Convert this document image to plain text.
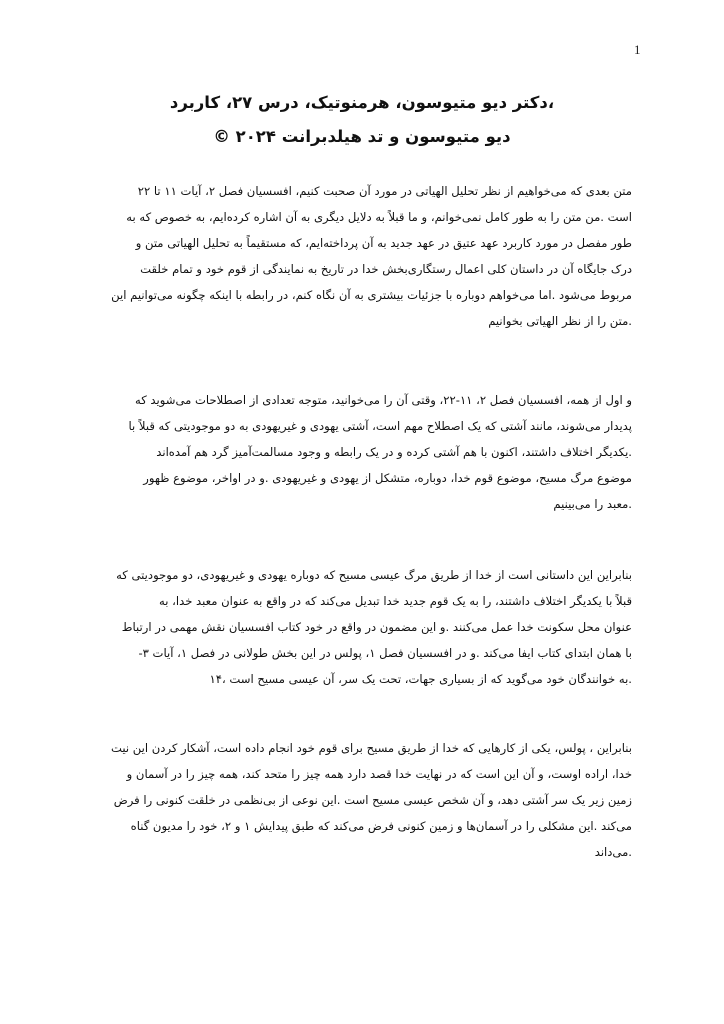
1
،دکتر دیو متیوسون، هرمنوتیک، درس ۲۷، کاربرد
دیو متیوسون و تد هیلدبرانت ۲۰۲۴ ©
متن بعدی که می‌خواهیم از نظر تحلیل الهیاتی در مورد آن صحبت کنیم، افسسیان فصل ۲، آیات ۱۱ تا ۲۲
است .من متن را به طور کامل نمی‌خوانم، و ما قبلاً به دلایل دیگری به آن اشاره کرده‌ایم، به خصوص که به
طور مفصل در مورد کاربرد عهد عتیق در عهد جدید به آن پرداخته‌ایم، که مستقیماً به تحلیل الهیاتی متن و
درک جایگاه آن در داستان کلی اعمال رستگاری‌بخش خدا در تاریخ به نمایندگی از قوم خود و تمام خلقت
مربوط می‌شود .اما می‌خواهم دوباره با جزئیات بیشتری به آن نگاه کنم، در رابطه با اینکه چگونه می‌توانیم این
.متن را از نظر الهیاتی بخوانیم
و اول از همه، افسسیان فصل ۲، ۱۱-۲۲، وقتی آن را می‌خوانید، متوجه تعدادی از اصطلاحات می‌شوید که
پدیدار می‌شوند، مانند آشتی که یک اصطلاح مهم است، آشتی یهودی و غیریهودی به دو موجودیتی که قبلاً با
.یکدیگر اختلاف داشتند، اکنون با هم آشتی کرده و در یک رابطه و وجود مسالمت‌آمیز گرد هم آمده‌اند
موضوع مرگ مسیح، موضوع قوم خدا، دوباره، متشکل از یهودی و غیریهودی .و در اواخر، موضوع ظهور
.معبد را می‌بینیم
بنابراین این داستانی است از خدا از طریق مرگ عیسی مسیح که دوباره یهودی و غیریهودی، دو موجودیتی که
قبلاً با یکدیگر اختلاف داشتند، را به یک قوم جدید خدا تبدیل می‌کند که در واقع به عنوان معبد خدا، به
عنوان محل سکونت خدا عمل می‌کنند .و این مضمون در واقع در خود کتاب افسسیان نقش مهمی در ارتباط
با همان ابتدای کتاب ایفا می‌کند .و در افسسیان فصل ۱، پولس در این بخش طولانی در فصل ۱، آیات ۳-
.به خوانندگان خود می‌گوید که از بسیاری جهات، تحت یک سر، آن عیسی مسیح است ،۱۴
بنابراین ، پولس، یکی از کارهایی که خدا از طریق مسیح برای قوم خود انجام داده است، آشکار کردن این نیت
خدا، اراده اوست، و آن این است که در نهایت خدا قصد دارد همه چیز را متحد کند، همه چیز را در آسمان و
زمین زیر یک سر آشتی دهد، و آن شخص عیسی مسیح است .این نوعی از بی‌نظمی در خلقت کنونی را فرض
می‌کند .این مشکلی را در آسمان‌ها و زمین کنونی فرض می‌کند که طبق پیدایش ۱ و ۲، خود را مدیون گناه
.می‌داند
